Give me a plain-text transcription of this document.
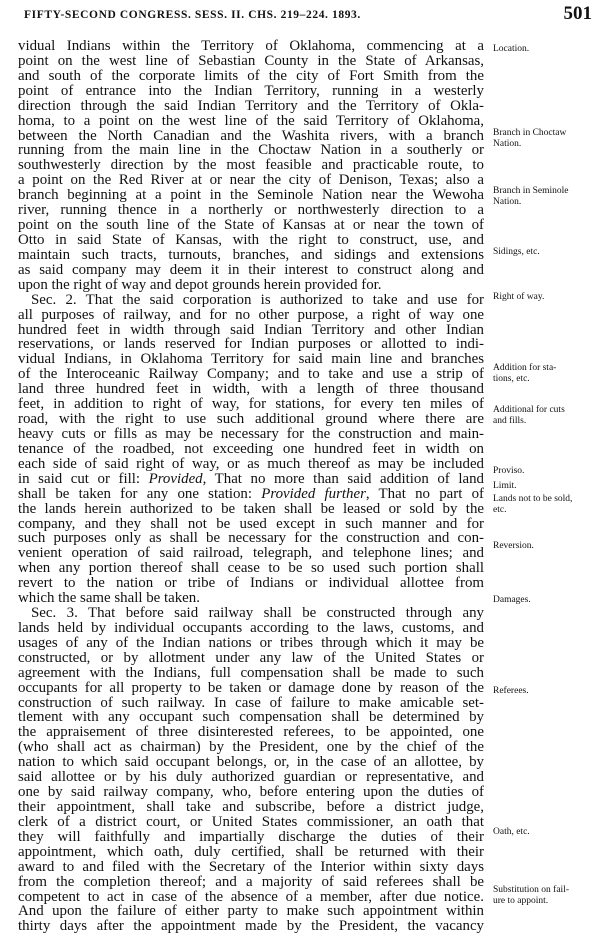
FIFTY-SECOND CONGRESS. SESS. II. CHS. 219–224. 1893.	501
vidual Indians within the Territory of Oklahoma, commencing at a
point on the west line of Sebastian County in the State of Arkansas,
and south of the corporate limits of the city of Fort Smith from the
point of entrance into the Indian Territory, running in a westerly
direction through the said Indian Territory and the Territory of Okla-
homa, to a point on the west line of the said Territory of Oklahoma,
between the North Canadian and the Washita rivers, with a branch
running from the main line in the Choctaw Nation in a southerly or
southwesterly direction by the most feasible and practicable route, to
a point on the Red River at or near the city of Denison, Texas; also a
branch beginning at a point in the Seminole Nation near the Wewoha
river, running thence in a northerly or northwesterly direction to a
point on the south line of the State of Kansas at or near the town of
Otto in said State of Kansas, with the right to construct, use, and
maintain such tracts, turnouts, branches, and sidings and extensions
as said company may deem it in their interest to construct along and
upon the right of way and depot grounds herein provided for.
Sec. 2. That the said corporation is authorized to take and use for
all purposes of railway, and for no other purpose, a right of way one
hundred feet in width through said Indian Territory and other Indian
reservations, or lands reserved for Indian purposes or allotted to indi-
vidual Indians, in Oklahoma Territory for said main line and branches
of the Interoceanic Railway Company; and to take and use a strip of
land three hundred feet in width, with a length of three thousand
feet, in addition to right of way, for stations, for every ten miles of
road, with the right to use such additional ground where there are
heavy cuts or fills as may be necessary for the construction and main-
tenance of the roadbed, not exceeding one hundred feet in width on
each side of said right of way, or as much thereof as may be included
in said cut or fill: Provided, That no more than said addition of land
shall be taken for any one station: Provided further, That no part of
the lands herein authorized to be taken shall be leased or sold by the
company, and they shall not be used except in such manner and for
such purposes only as shall be necessary for the construction and con-
venient operation of said railroad, telegraph, and telephone lines; and
when any portion thereof shall cease to be so used such portion shall
revert to the nation or tribe of Indians or individual allottee from
which the same shall be taken.
Sec. 3. That before said railway shall be constructed through any
lands held by individual occupants according to the laws, customs, and
usages of any of the Indian nations or tribes through which it may be
constructed, or by allotment under any law of the United States or
agreement with the Indians, full compensation shall be made to such
occupants for all property to be taken or damage done by reason of the
construction of such railway. In case of failure to make amicable set-
tlement with any occupant such compensation shall be determined by
the appraisement of three disinterested referees, to be appointed, one
(who shall act as chairman) by the President, one by the chief of the
nation to which said occupant belongs, or, in the case of an allottee, by
said allottee or by his duly authorized guardian or representative, and
one by said railway company, who, before entering upon the duties of
their appointment, shall take and subscribe, before a district judge,
clerk of a district court, or United States commissioner, an oath that
they will faithfully and impartially discharge the duties of their
appointment, which oath, duly certified, shall be returned with their
award to and filed with the Secretary of the Interior within sixty days
from the completion thereof; and a majority of said referees shall be
competent to act in case of the absence of a member, after due notice.
And upon the failure of either party to make such appointment within
thirty days after the appointment made by the President, the vacancy
Location.
Branch in Choctaw
Nation.
Branch in Seminole
Nation.
Sidings, etc.
Right of way.
Addition for sta-
tions, etc.
Additional for cuts
and fills.
Proviso.
Limit.
Lands not to be sold,
etc.
Reversion.
Damages.
Referees.
Oath, etc.
Substitution on fail-
ure to appoint.
